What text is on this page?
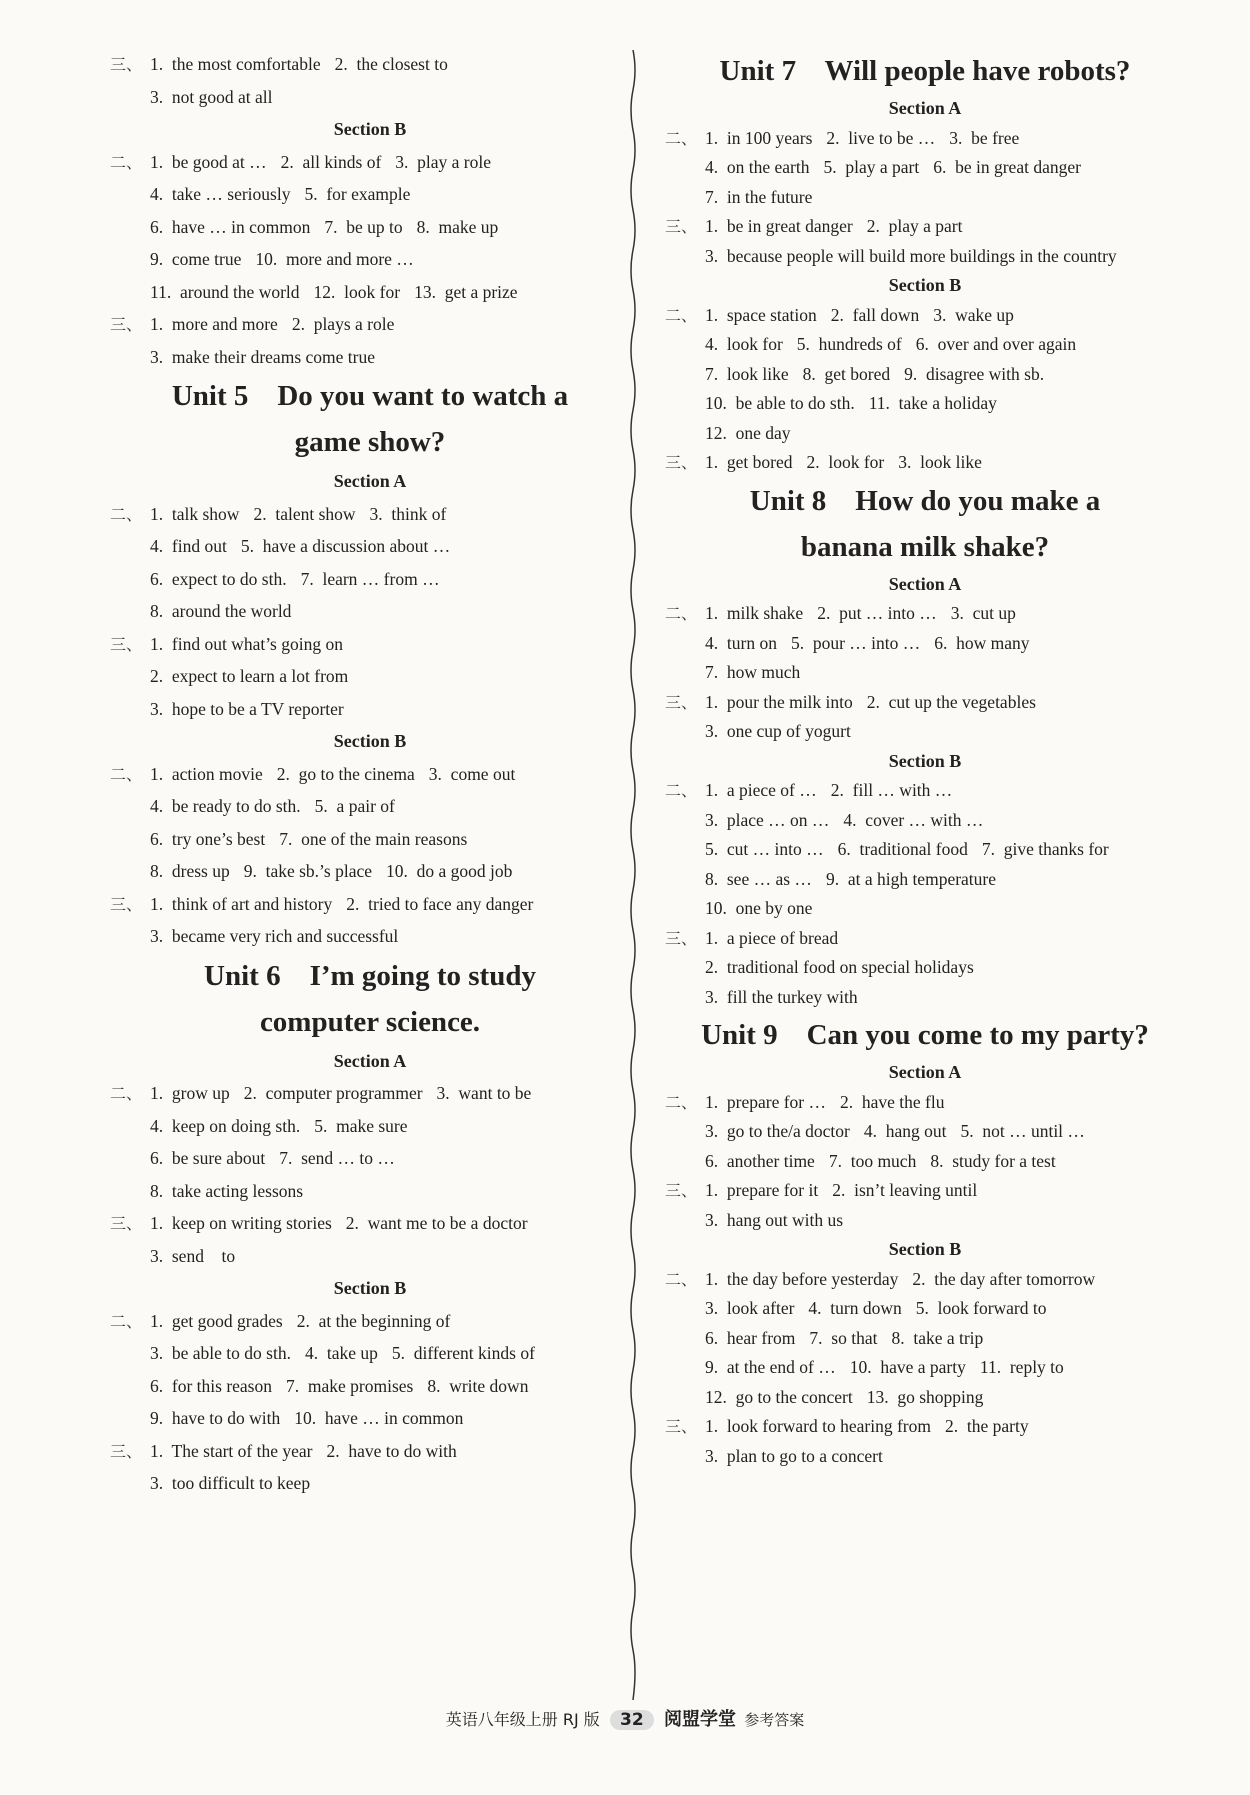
三、 1.  the most comfortable 2.  the closest to
3.  not good at all
Section B
二、 1.  be good at … 2.  all kinds of 3.  play a role
4.  take … seriously 5.  for example
6.  have … in common 7.  be up to 8.  make up
9.  come true 10.  more and more …
11.  around the world 12.  look for 13.  get a prize
三、 1.  more and more 2.  plays a role
3.  make their dreams come true
Unit 5    Do you want to watch a
game show?
Section A
二、 1.  talk show 2.  talent show 3.  think of
4.  find out 5.  have a discussion about …
6.  expect to do sth. 7.  learn … from …
8.  around the world
三、 1.  find out what’s going on
2.  expect to learn a lot from
3.  hope to be a TV reporter
Section B
二、 1.  action movie 2.  go to the cinema 3.  come out
4.  be ready to do sth. 5.  a pair of
6.  try one’s best 7.  one of the main reasons
8.  dress up 9.  take sb.’s place 10.  do a good job
三、 1.  think of art and history 2.  tried to face any danger
3.  became very rich and successful
Unit 6    I’m going to study
computer science.
Section A
二、 1.  grow up 2.  computer programmer 3.  want to be
4.  keep on doing sth. 5.  make sure
6.  be sure about 7.  send … to …
8.  take acting lessons
三、 1.  keep on writing stories 2.  want me to be a doctor
3.  send    to
Section B
二、 1.  get good grades 2.  at the beginning of
3.  be able to do sth. 4.  take up 5.  different kinds of
6.  for this reason 7.  make promises 8.  write down
9.  have to do with 10.  have … in common
三、 1.  The start of the year 2.  have to do with
3.  too difficult to keep
Unit 7    Will people have robots?
Section A
二、 1.  in 100 years 2.  live to be … 3.  be free
4.  on the earth 5.  play a part 6.  be in great danger
7.  in the future
三、 1.  be in great danger 2.  play a part
3.  because people will build more buildings in the country
Section B
二、 1.  space station 2.  fall down 3.  wake up
4.  look for 5.  hundreds of 6.  over and over again
7.  look like 8.  get bored 9.  disagree with sb.
10.  be able to do sth. 11.  take a holiday
12.  one day
三、 1.  get bored 2.  look for 3.  look like
Unit 8    How do you make a
banana milk shake?
Section A
二、 1.  milk shake 2.  put … into … 3.  cut up
4.  turn on 5.  pour … into … 6.  how many
7.  how much
三、 1.  pour the milk into 2.  cut up the vegetables
3.  one cup of yogurt
Section B
二、 1.  a piece of … 2.  fill … with …
3.  place … on … 4.  cover … with …
5.  cut … into … 6.  traditional food 7.  give thanks for
8.  see … as … 9.  at a high temperature
10.  one by one
三、 1.  a piece of bread
2.  traditional food on special holidays
3.  fill the turkey with
Unit 9    Can you come to my party?
Section A
二、 1.  prepare for … 2.  have the flu
3.  go to the/a doctor 4.  hang out 5.  not … until …
6.  another time 7.  too much 8.  study for a test
三、 1.  prepare for it 2.  isn’t leaving until
3.  hang out with us
Section B
二、 1.  the day before yesterday 2.  the day after tomorrow
3.  look after 4.  turn down 5.  look forward to
6.  hear from 7.  so that 8.  take a trip
9.  at the end of … 10.  have a party 11.  reply to
12.  go to the concert 13.  go shopping
三、 1.  look forward to hearing from 2.  the party
3.  plan to go to a concert
英语八年级上册 RJ 版 32 阅盟学堂 参考答案
